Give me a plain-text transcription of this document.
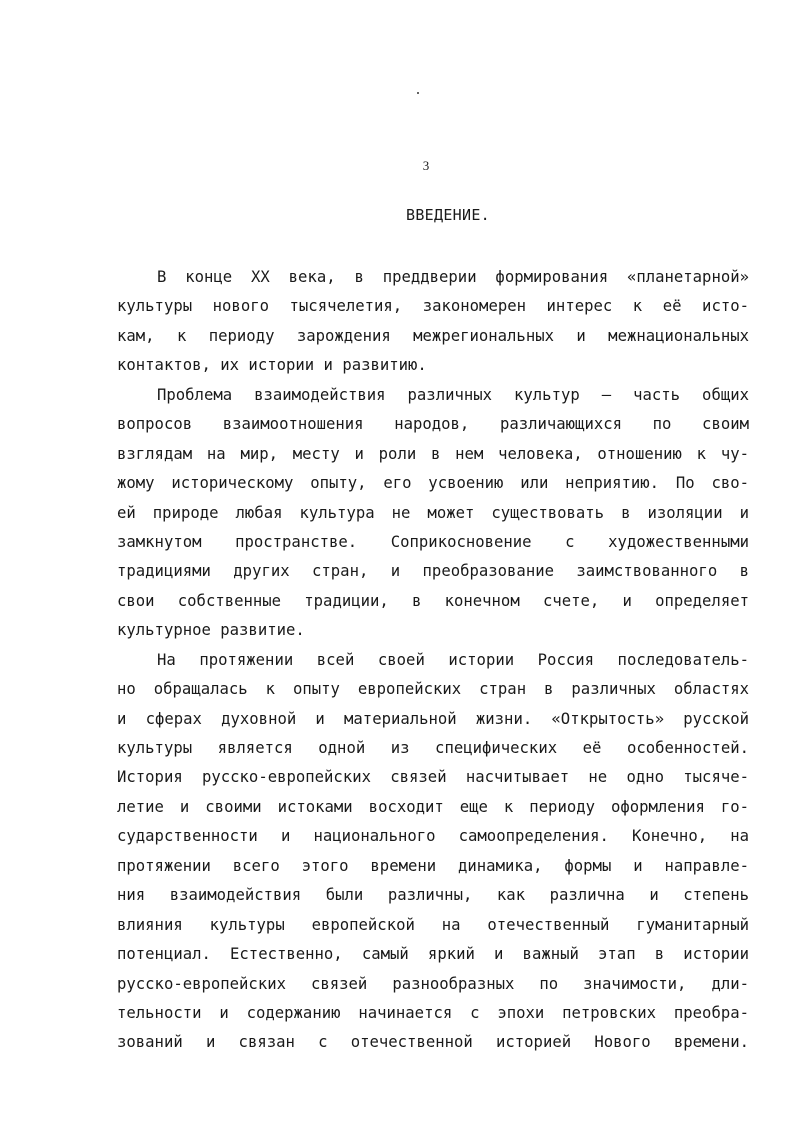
3
ВВЕДЕНИЕ.
В конце XX века, в преддверии формирования «планетарной»
культуры нового тысячелетия, закономерен интерес к её исто-
кам, к периоду зарождения межрегиональных и межнациональных
контактов, их истории и развитию.
Проблема взаимодействия различных культур – часть общих
вопросов взаимоотношения народов, различающихся по своим
взглядам на мир, месту и роли в нем человека, отношению к чу-
жому историческому опыту, его усвоению или неприятию. По сво-
ей природе любая культура не может существовать в изоляции и
замкнутом пространстве. Соприкосновение с художественными
традициями других стран, и преобразование заимствованного в
свои собственные традиции, в конечном счете, и определяет
культурное развитие.
На протяжении всей своей истории Россия последователь-
но обращалась к опыту европейских стран в различных областях
и сферах духовной и материальной жизни. «Открытость» русской
культуры является одной из специфических её особенностей.
История русско-европейских связей насчитывает не одно тысяче-
летие и своими истоками восходит еще к периоду оформления го-
сударственности и национального самоопределения. Конечно, на
протяжении всего этого времени динамика, формы и направле-
ния взаимодействия были различны, как различна и степень
влияния культуры европейской на отечественный гуманитарный
потенциал. Естественно, самый яркий и важный этап в истории
русско-европейских связей разнообразных по значимости, дли-
тельности и содержанию начинается с эпохи петровских преобра-
зований и связан с отечественной историей Нового времени.
